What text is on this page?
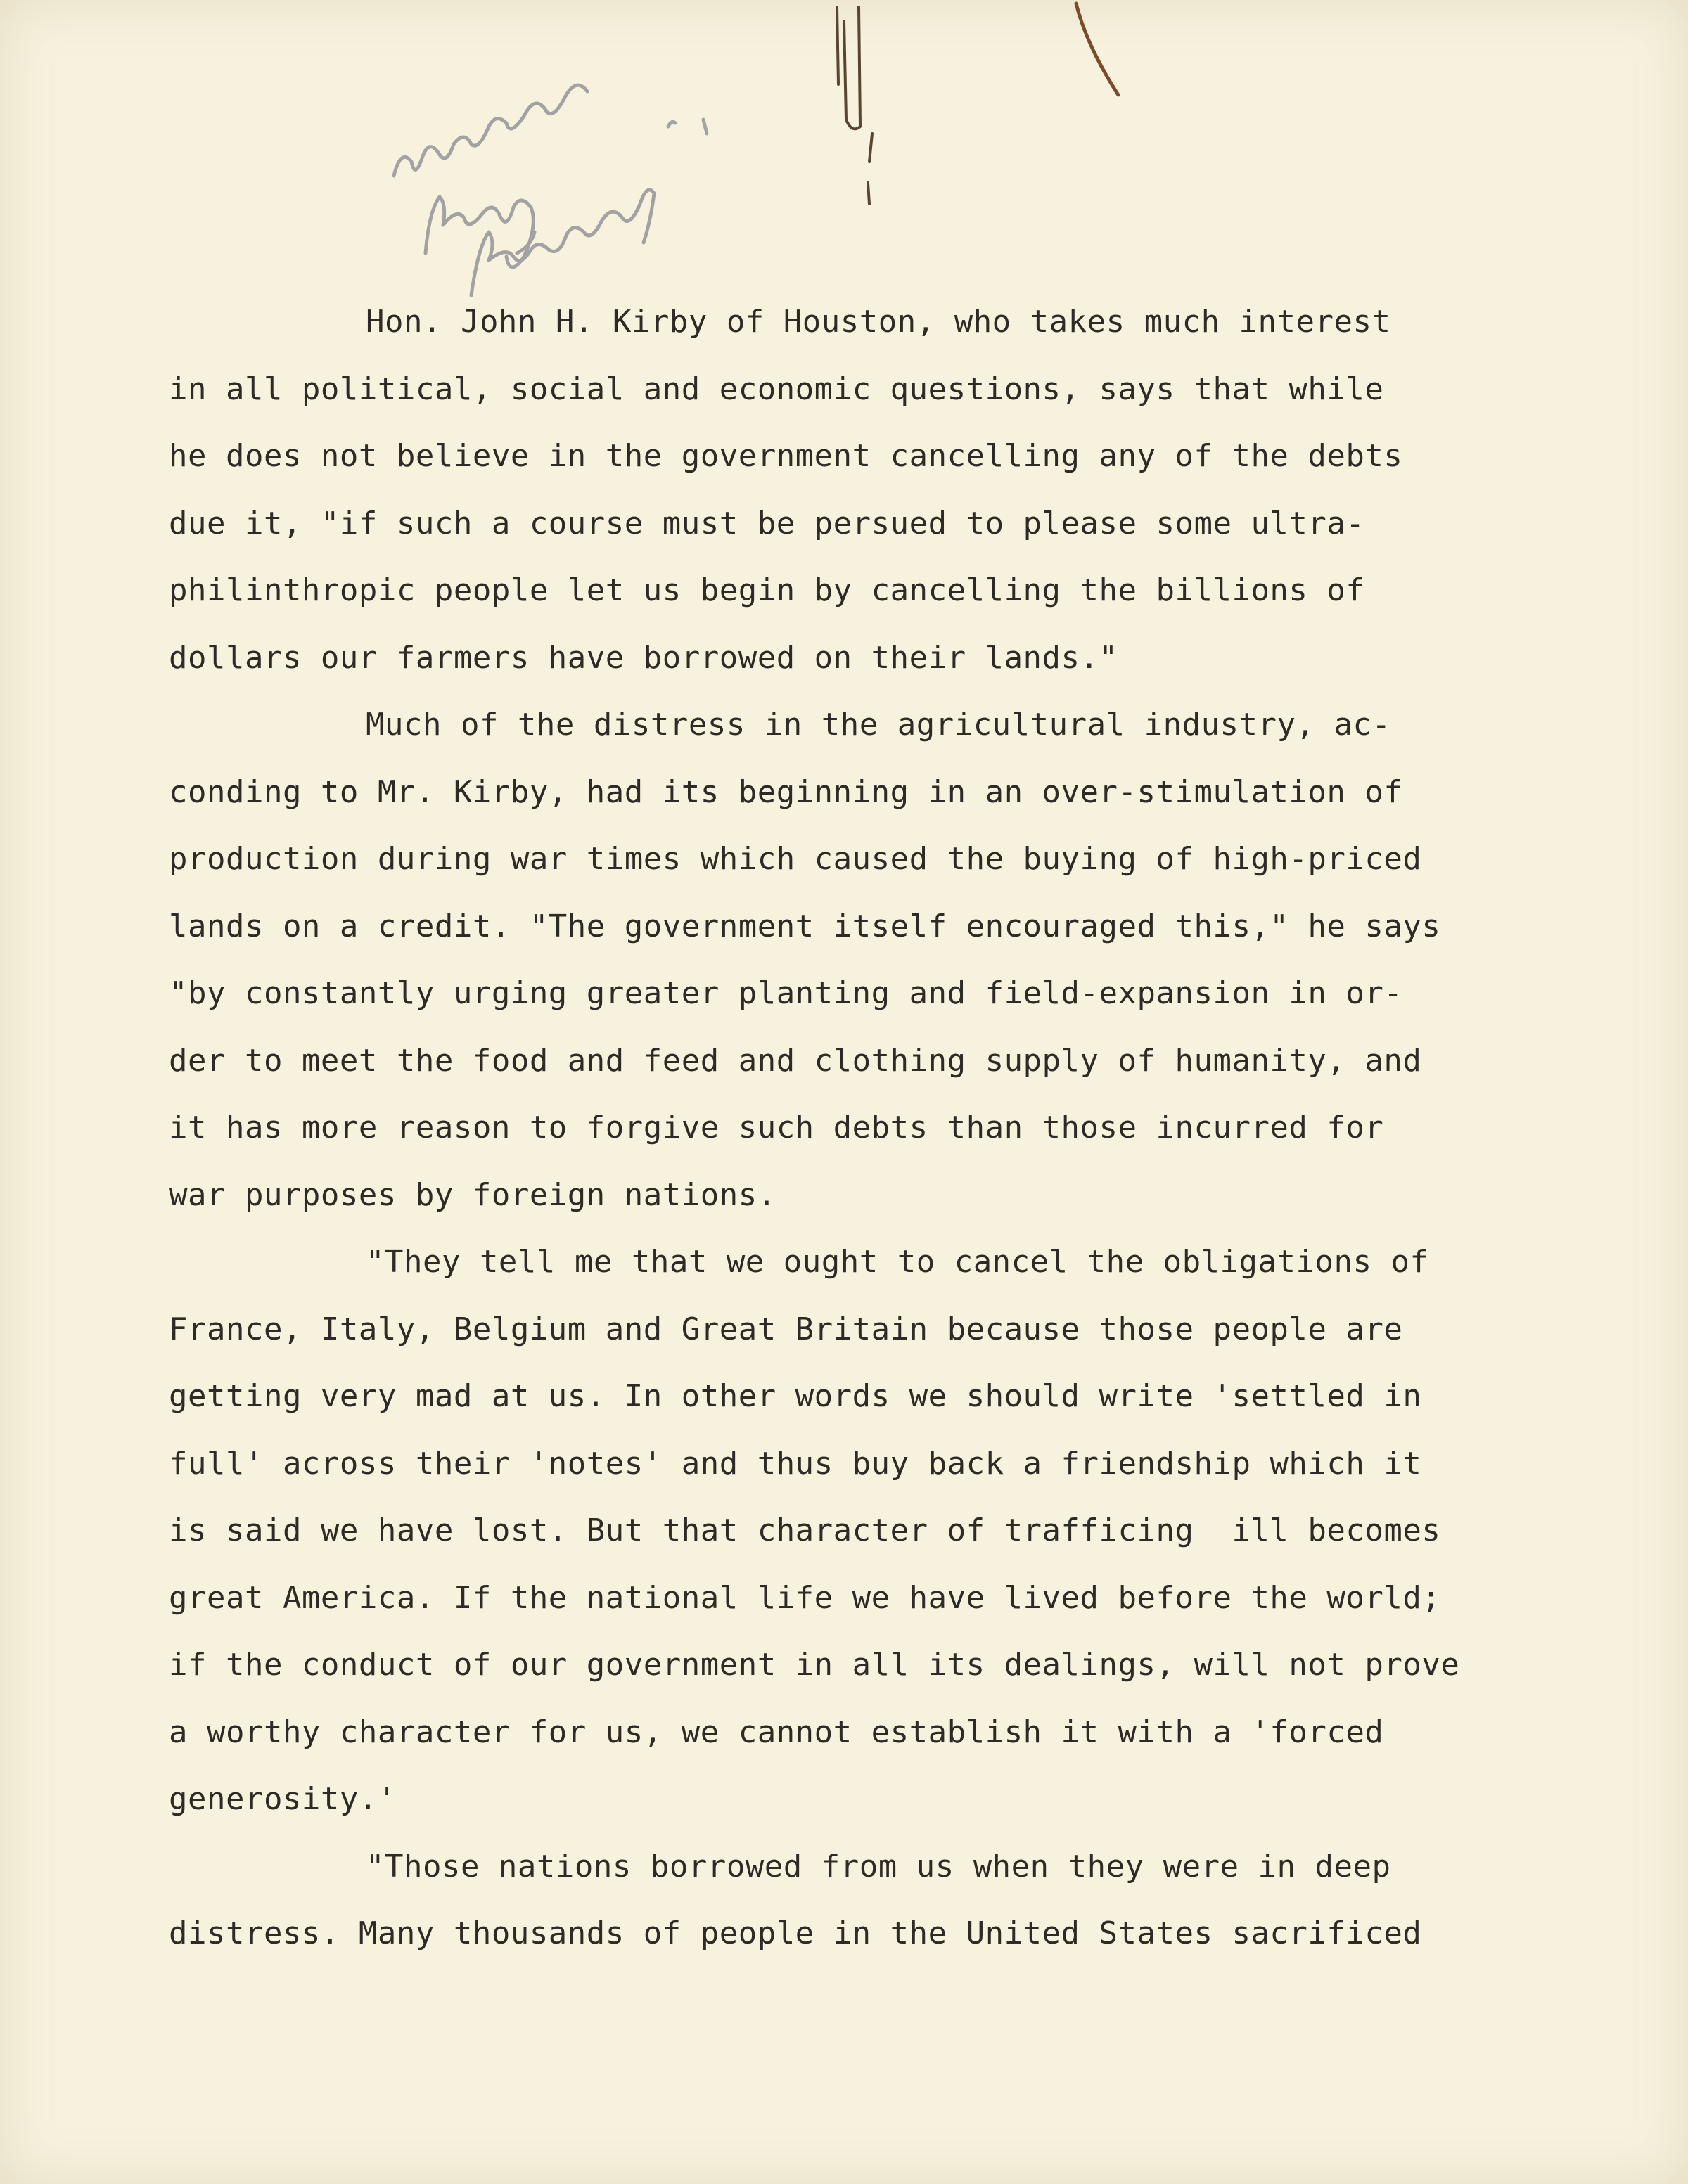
Hon. John H. Kirby of Houston, who takes much interest
in all political, social and economic questions, says that while
he does not believe in the government cancelling any of the debts
due it, "if such a course must be persued to please some ultra-
philinthropic people let us begin by cancelling the billions of
dollars our farmers have borrowed on their lands."
Much of the distress in the agricultural industry, ac-
conding to Mr. Kirby, had its beginning in an over-stimulation of
production during war times which caused the buying of high-priced
lands on a credit. "The government itself encouraged this," he says
"by constantly urging greater planting and field-expansion in or-
der to meet the food and feed and clothing supply of humanity, and
it has more reason to forgive such debts than those incurred for
war purposes by foreign nations.
"They tell me that we ought to cancel the obligations of
France, Italy, Belgium and Great Britain because those people are
getting very mad at us. In other words we should write 'settled in
full' across their 'notes' and thus buy back a friendship which it
is said we have lost. But that character of trafficing  ill becomes
great America. If the national life we have lived before the world;
if the conduct of our government in all its dealings, will not prove
a worthy character for us, we cannot establish it with a 'forced
generosity.'
"Those nations borrowed from us when they were in deep
distress. Many thousands of people in the United States sacrificed
